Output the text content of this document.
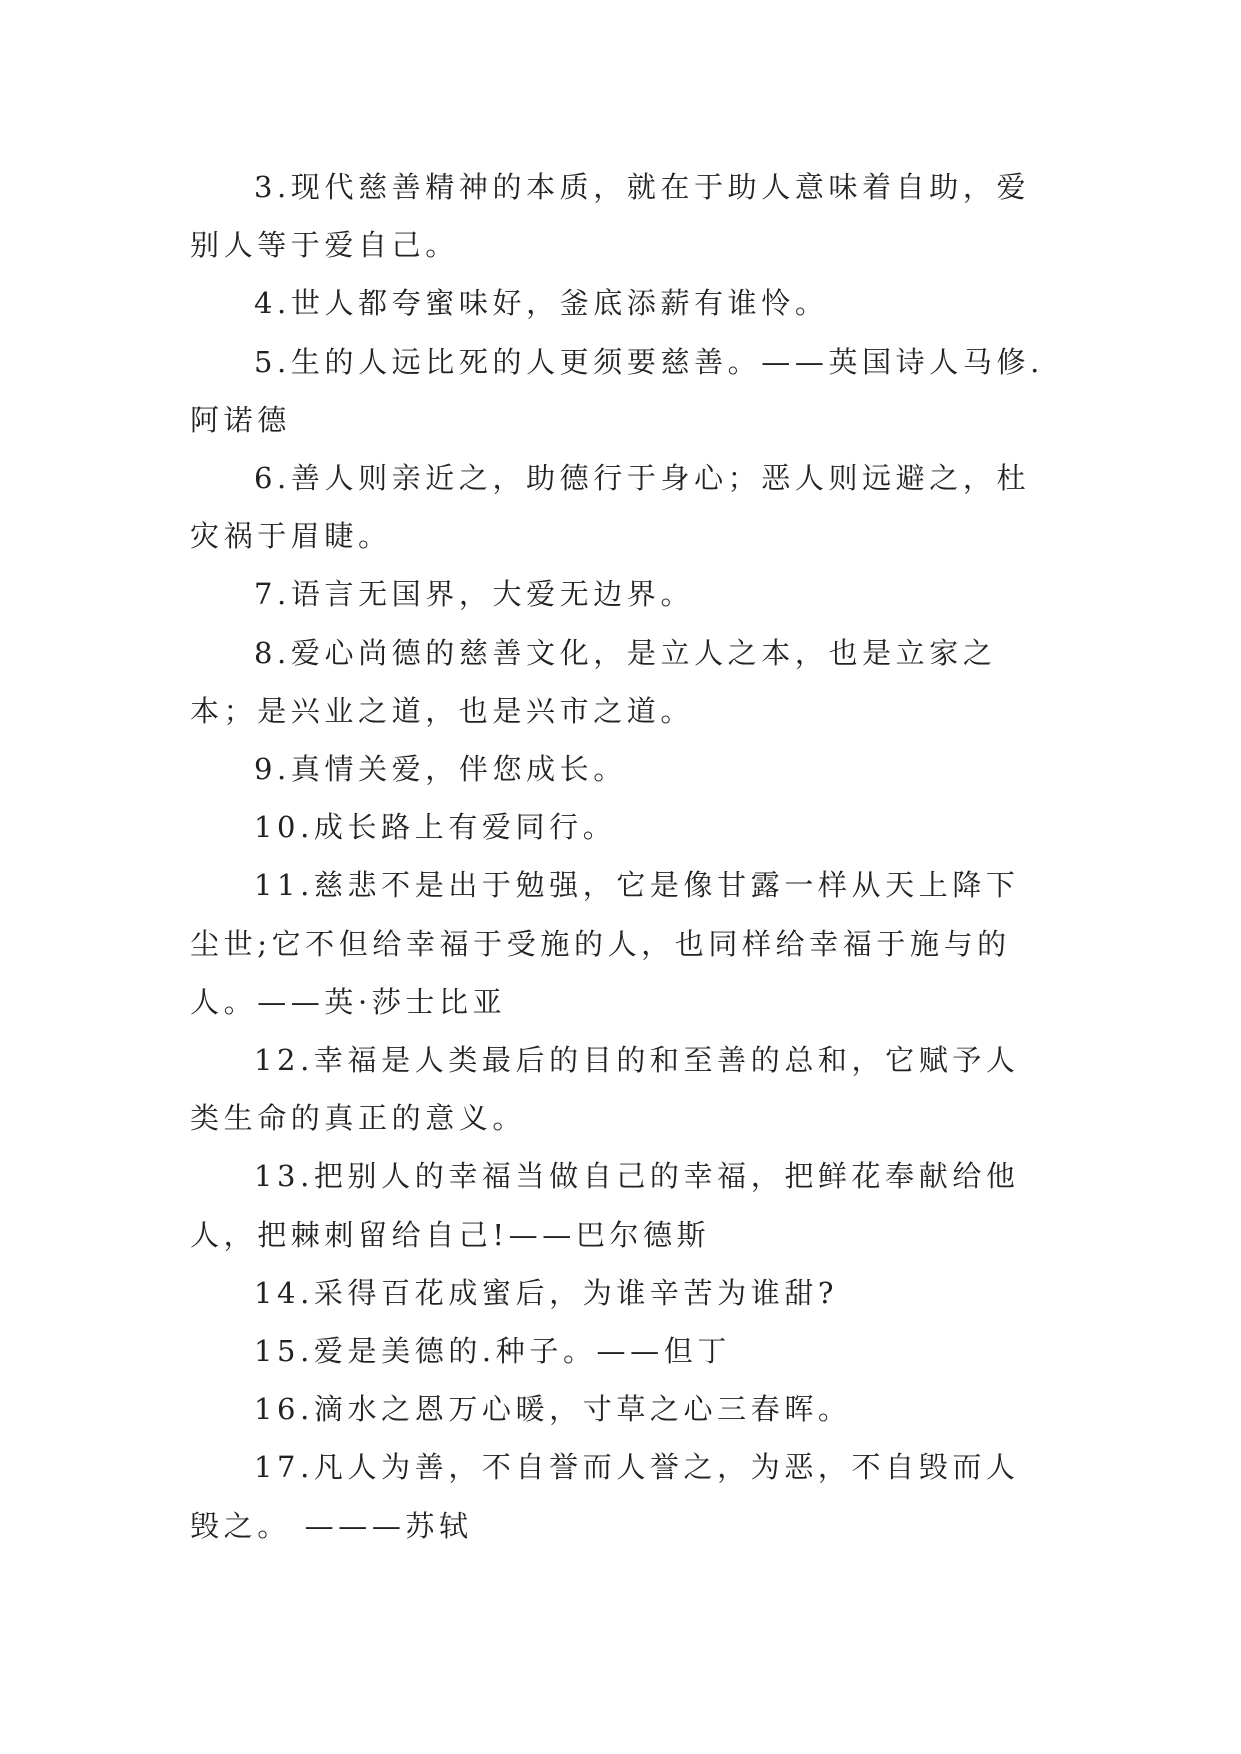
3.现代慈善精神的本质，就在于助人意味着自助，爱别人等于爱自己。

4.世人都夸蜜味好，釜底添薪有谁怜。

5.生的人远比死的人更须要慈善。——英国诗人马修.阿诺德

6.善人则亲近之，助德行于身心；恶人则远避之，杜灾祸于眉睫。

7.语言无国界，大爱无边界。

8.爱心尚德的慈善文化，是立人之本，也是立家之本；是兴业之道，也是兴市之道。

9.真情关爱，伴您成长。

10.成长路上有爱同行。

11.慈悲不是出于勉强，它是像甘露一样从天上降下尘世;它不但给幸福于受施的人，也同样给幸福于施与的人。——英·莎士比亚

12.幸福是人类最后的目的和至善的总和，它赋予人类生命的真正的意义。

13.把别人的幸福当做自己的幸福，把鲜花奉献给他人，把棘刺留给自己!——巴尔德斯

14.采得百花成蜜后，为谁辛苦为谁甜?

15.爱是美德的.种子。——但丁

16.滴水之恩万心暖，寸草之心三春晖。

17.凡人为善，不自誉而人誉之，为恶，不自毁而人毁之。 ———苏轼
